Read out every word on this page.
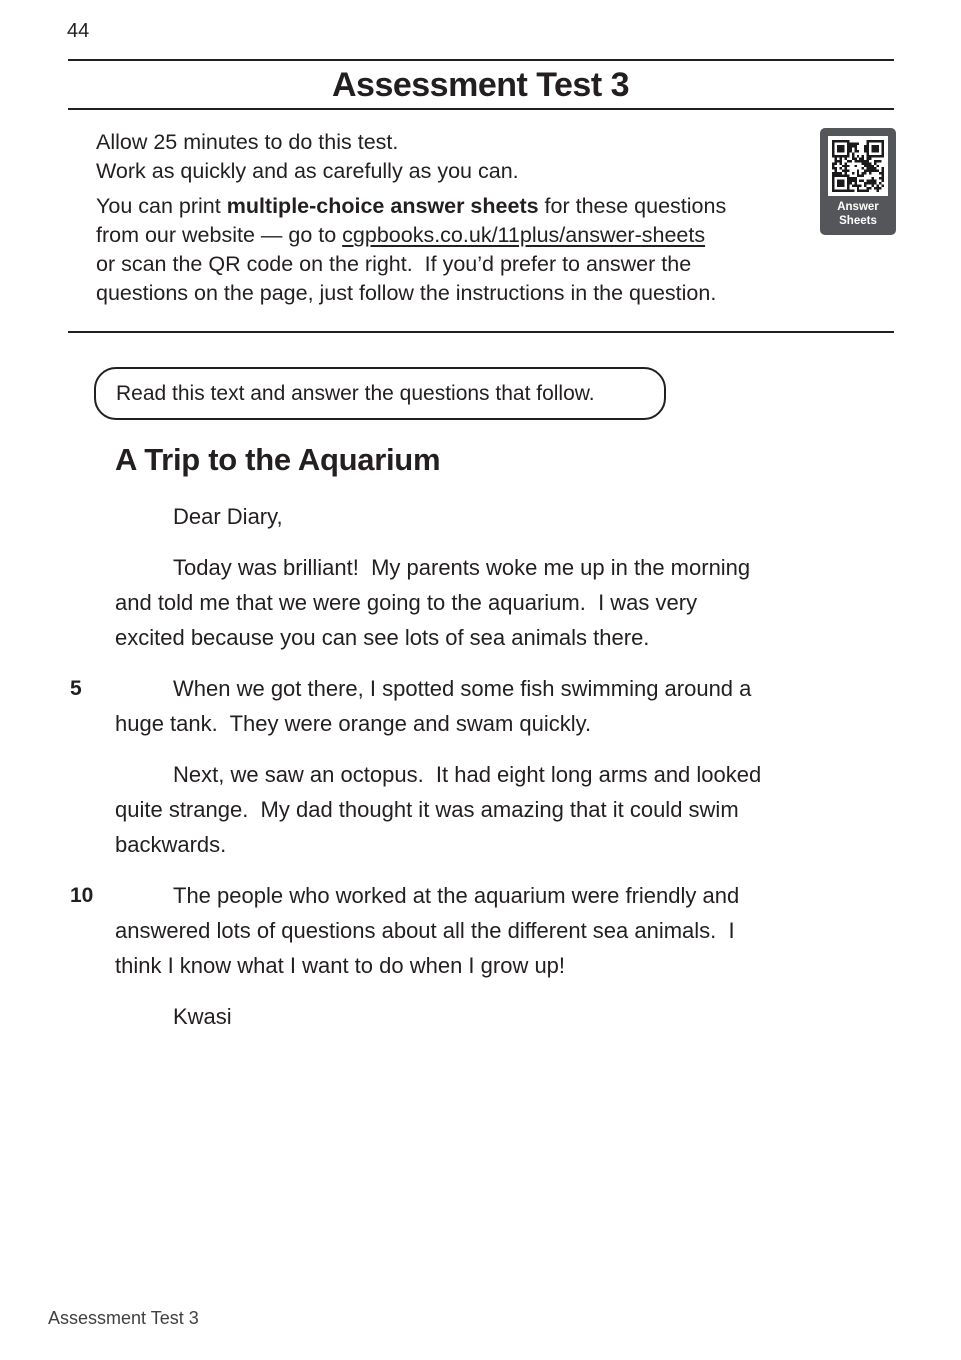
44
Assessment Test 3
Allow 25 minutes to do this test.
Work as quickly and as carefully as you can.
You can print multiple-choice answer sheets for these questions
from our website — go to cgpbooks.co.uk/11plus/answer-sheets
or scan the QR code on the right.  If you’d prefer to answer the
questions on the page, just follow the instructions in the question.
Answer
Sheets
Read this text and answer the questions that follow.
A Trip to the Aquarium
Dear Diary,
Today was brilliant!  My parents woke me up in the morning
and told me that we were going to the aquarium.  I was very
excited because you can see lots of sea animals there.
5	When we got there, I spotted some fish swimming around a
huge tank.  They were orange and swam quickly.
Next, we saw an octopus.  It had eight long arms and looked
quite strange.  My dad thought it was amazing that it could swim
backwards.
10	The people who worked at the aquarium were friendly and
answered lots of questions about all the different sea animals.  I
think I know what I want to do when I grow up!
Kwasi
Assessment Test 3
